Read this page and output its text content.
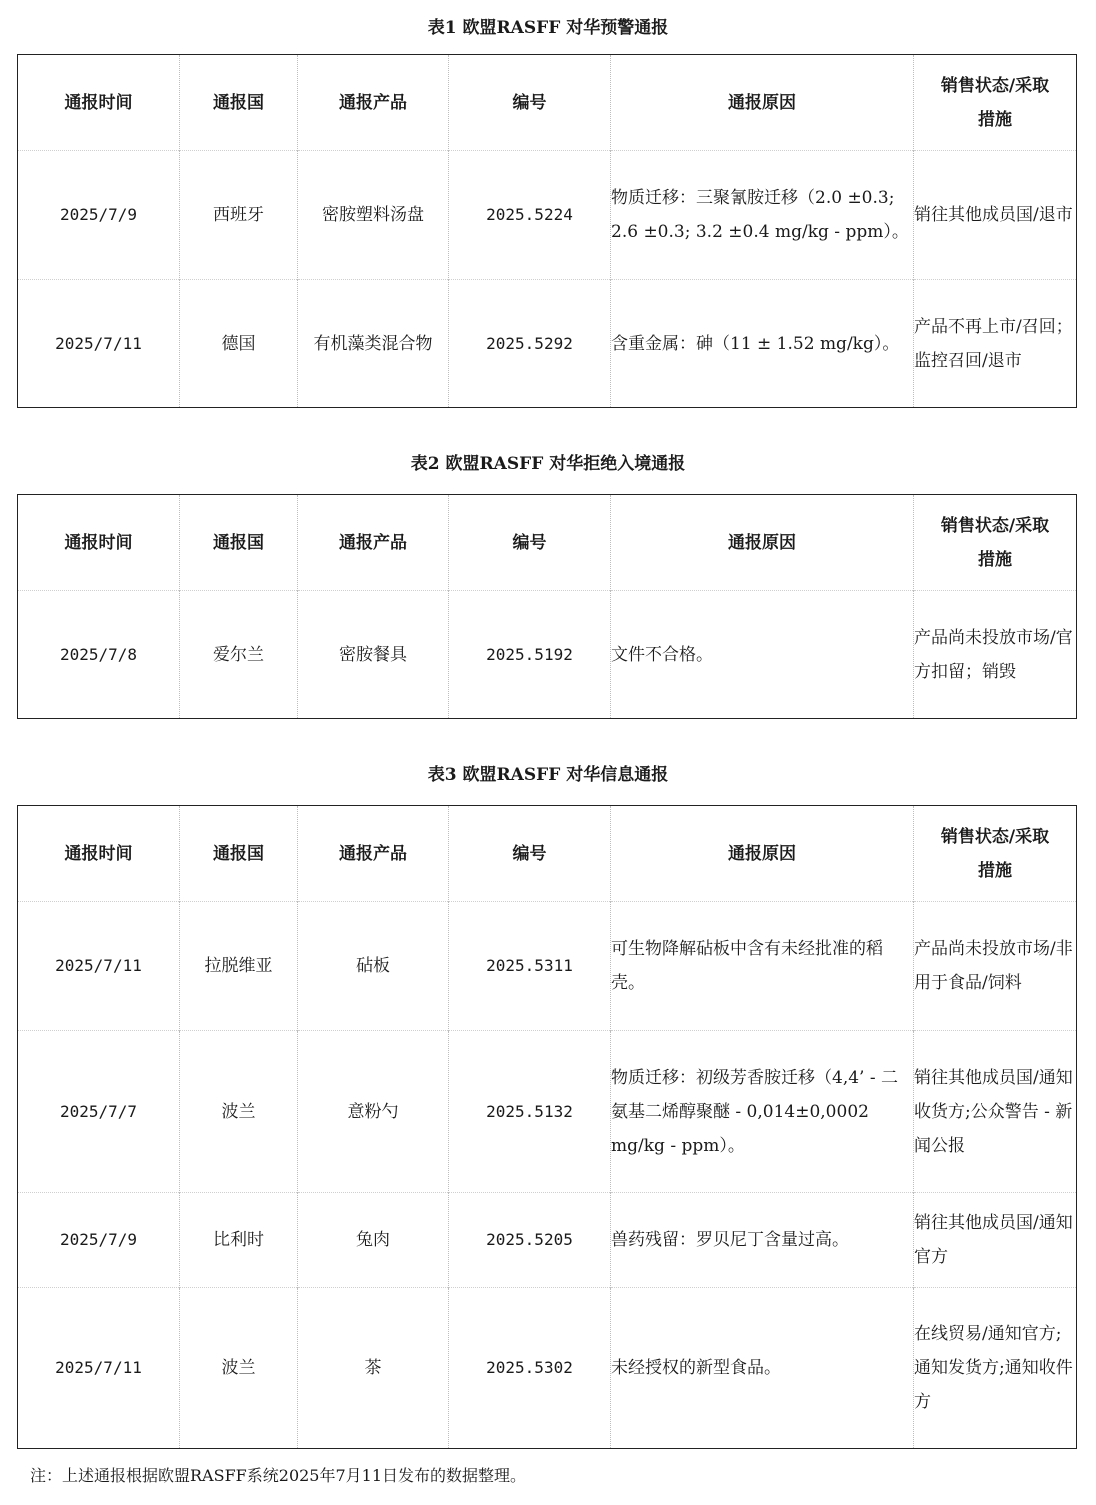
表1 欧盟RASFF 对华预警通报
通报时间	通报国	通报产品	编号	通报原因	销售状态/采取措施
2025/7/9	西班牙	密胺塑料汤盘	2025.5224	物质迁移：三聚氰胺迁移（2.0 ±0.3; 2.6 ±0.3; 3.2 ±0.4 mg/kg - ppm）。	销往其他成员国/退市
2025/7/11	德国	有机藻类混合物	2025.5292	含重金属：砷（11 ± 1.52 mg/kg）。	产品不再上市/召回；监控召回/退市
表2 欧盟RASFF 对华拒绝入境通报
通报时间	通报国	通报产品	编号	通报原因	销售状态/采取措施
2025/7/8	爱尔兰	密胺餐具	2025.5192	文件不合格。	产品尚未投放市场/官方扣留；销毁
表3 欧盟RASFF 对华信息通报
通报时间	通报国	通报产品	编号	通报原因	销售状态/采取措施
2025/7/11	拉脱维亚	砧板	2025.5311	可生物降解砧板中含有未经批准的稻壳。	产品尚未投放市场/非用于食品/饲料
2025/7/7	波兰	意粉勺	2025.5132	物质迁移：初级芳香胺迁移（4,4’ - 二氨基二烯醇聚醚 - 0,014±0,0002 mg/kg - ppm）。	销往其他成员国/通知收货方;公众警告 - 新闻公报
2025/7/9	比利时	兔肉	2025.5205	兽药残留：罗贝尼丁含量过高。	销往其他成员国/通知官方
2025/7/11	波兰	茶	2025.5302	未经授权的新型食品。	在线贸易/通知官方;通知发货方;通知收件方
注：上述通报根据欧盟RASFF系统2025年7月11日发布的数据整理。
